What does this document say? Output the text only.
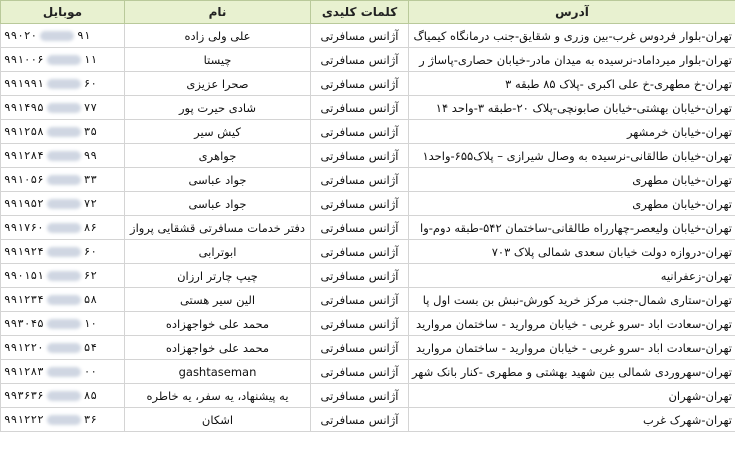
آدرس	کلمات کلیدی	نام	موبایل
تهران-بلوار فردوس غرب-بین وزری و شقایق-جنب درمانگاه کیمیاگ	آژانس مسافرتی	علی ولی زاده	۹۹۰۲۰ ۹۱
تهران-بلوار میرداماد-نرسیده به میدان مادر-خیابان حصاری-پاساژ ر	آژانس مسافرتی	چیستا	۹۹۱۰۰۶ ۱۱
تهران-خ مطهری-خ علی اکبری -پلاک ۸۵ طبقه ۳	آژانس مسافرتی	صحرا عزیزی	۹۹۱۹۹۱ ۶۰
تهران-خیابان بهشتی-خیابان صابونچی-پلاک ۲۰-طبقه ۳-واحد ۱۴	آژانس مسافرتی	شادی حیرت پور	۹۹۱۴۹۵ ۷۷
تهران-خیابان خرمشهر	آژانس مسافرتی	کیش سیر	۹۹۱۲۵۸ ۳۵
تهران-خیابان طالقانی-نرسیده به وصال شیرازی – پلاک۶۵۵-واحد۱	آژانس مسافرتی	جواهری	۹۹۱۲۸۴ ۹۹
تهران-خیابان مطهری	آژانس مسافرتی	جواد عباسی	۹۹۱۰۵۶ ۳۳
تهران-خیابان مطهری	آژانس مسافرتی	جواد عباسی	۹۹۱۹۵۲ ۷۲
تهران-خیابان ولیعصر-چهارراه طالقانی-ساختمان ۵۴۲-طبقه دوم-وا	آژانس مسافرتی	دفتر خدمات مسافرتی قشقایی پرواز	۹۹۱۷۶۰ ۸۶
تهران-دروازه دولت خیابان سعدی شمالی پلاک ۷۰۳	آژانس مسافرتی	ابوترابی	۹۹۱۹۲۴ ۶۰
تهران-زعفرانیه	آژانس مسافرتی	چیپ چارتر ارزان	۹۹۰۱۵۱ ۶۲
تهران-ستاری شمال-جنب مرکز خرید کورش-نبش بن بست اول پا	آژانس مسافرتی	الین سیر هستی	۹۹۱۲۳۴ ۵۸
تهران-سعادت اباد -سرو غربی - خیابان مروارید - ساختمان مروارید	آژانس مسافرتی	محمد علی خواجهزاده	۹۹۳۰۴۵ ۱۰
تهران-سعادت اباد -سرو غربی - خیابان مروارید - ساختمان مروارید	آژانس مسافرتی	محمد علی خواجهزاده	۹۹۱۲۲۰ ۵۴
تهران-سهروردی شمالی بین شهید بهشتی و مطهری -کنار بانک شهر	آژانس مسافرتی	gashtaseman	۹۹۱۲۸۳ ۰۰
تهران-شهران	آژانس مسافرتی	یه پیشنهاد، یه سفر، یه خاطره	۹۹۳۶۳۶ ۸۵
تهران-شهرک غرب	آژانس مسافرتی	اشکان	۹۹۱۲۲۲ ۳۶
